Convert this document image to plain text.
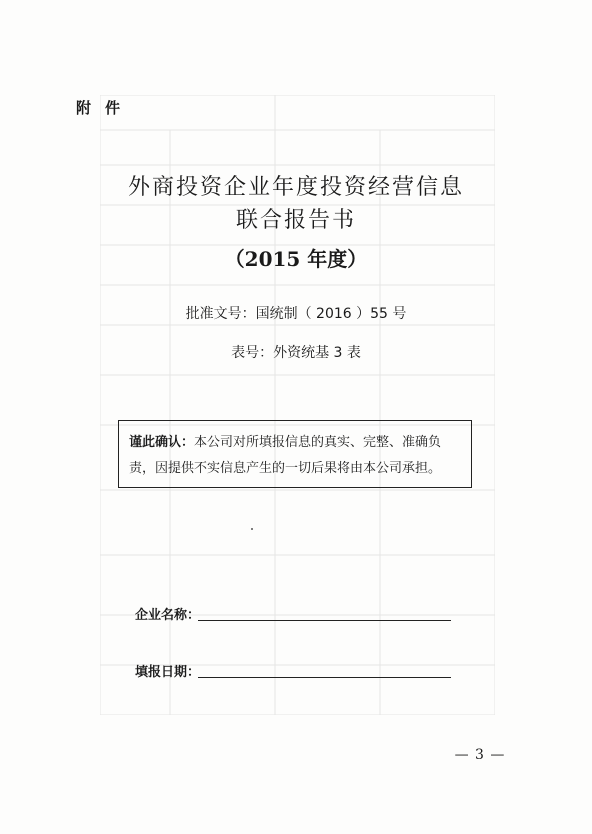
附件
外商投资企业年度投资经营信息
联合报告书
（2015 年度）
批准文号：国统制（ 2016 ）55 号
表号：外资统基 3 表
谨此确认：本公司对所填报信息的真实、完整、准确负责，因提供不实信息产生的一切后果将由本公司承担。
企业名称：
填报日期：
— 3 —
